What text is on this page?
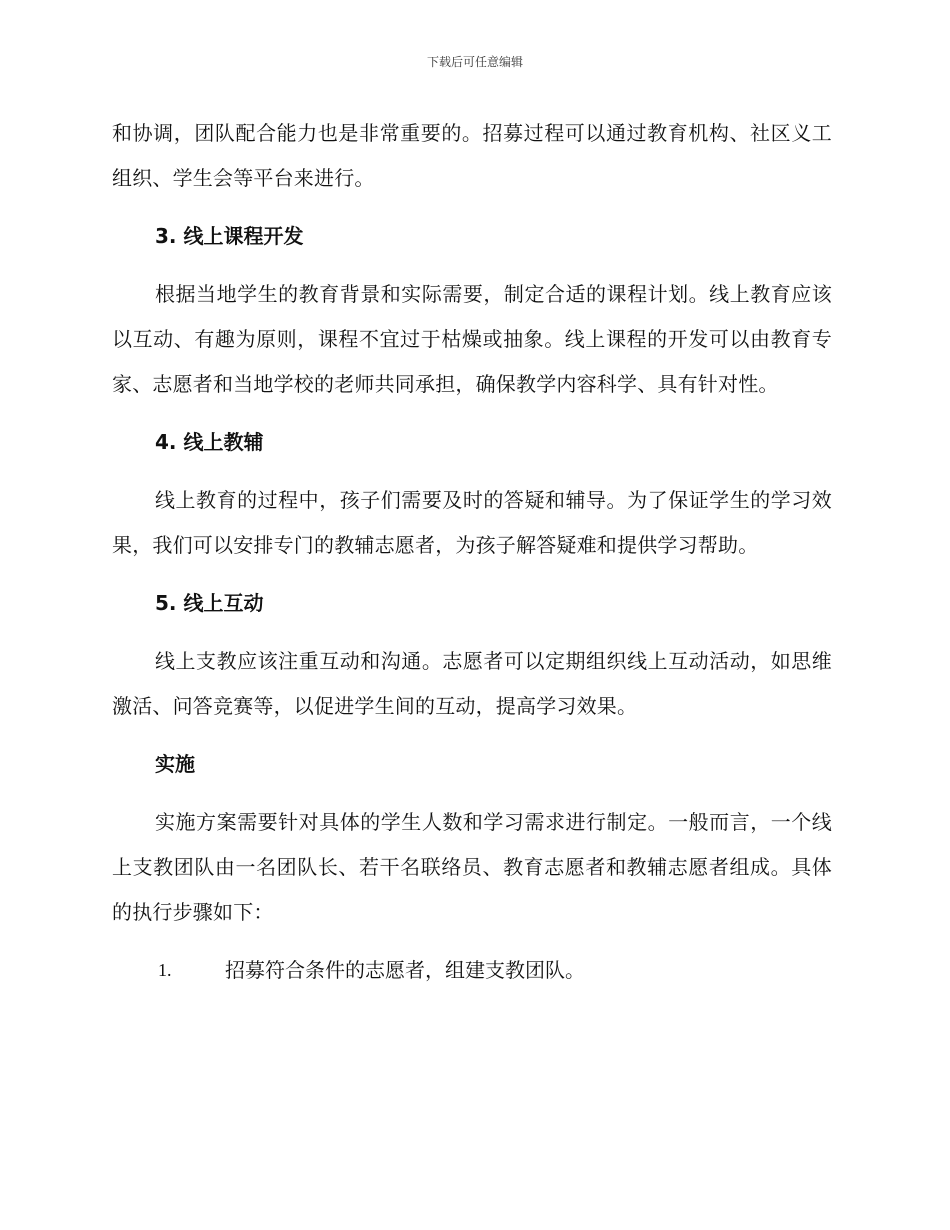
下载后可任意编辑

和协调，团队配合能力也是非常重要的。招募过程可以通过教育机构、社区义工组织、学生会等平台来进行。

3. 线上课程开发

根据当地学生的教育背景和实际需要，制定合适的课程计划。线上教育应该以互动、有趣为原则，课程不宜过于枯燥或抽象。线上课程的开发可以由教育专家、志愿者和当地学校的老师共同承担，确保教学内容科学、具有针对性。

4. 线上教辅

线上教育的过程中，孩子们需要及时的答疑和辅导。为了保证学生的学习效果，我们可以安排专门的教辅志愿者，为孩子解答疑难和提供学习帮助。

5. 线上互动

线上支教应该注重互动和沟通。志愿者可以定期组织线上互动活动，如思维激活、问答竞赛等，以促进学生间的互动，提高学习效果。

实施

实施方案需要针对具体的学生人数和学习需求进行制定。一般而言，一个线上支教团队由一名团队长、若干名联络员、教育志愿者和教辅志愿者组成。具体的执行步骤如下：

1.	招募符合条件的志愿者，组建支教团队。
